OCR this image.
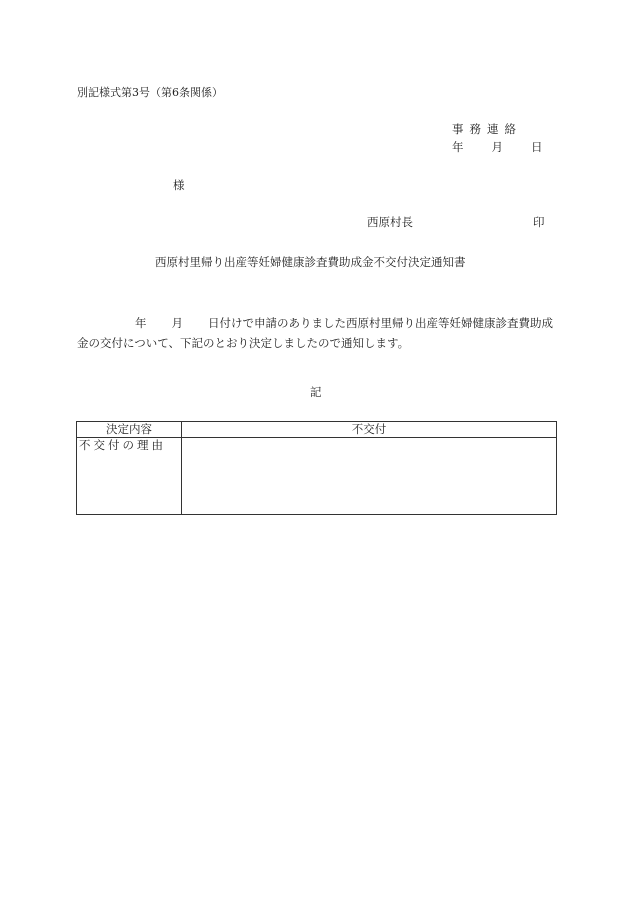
別記様式第3号（第6条関係）
事務連絡
年 月 日
様
西原村長	印
西原村里帰り出産等妊婦健康診査費助成金不交付決定通知書
年 月 日付けで申請のありました西原村里帰り出産等妊婦健康診査費助成金の交付について、下記のとおり決定しましたので通知します。
記
決定内容	不交付
不交付の理由	
